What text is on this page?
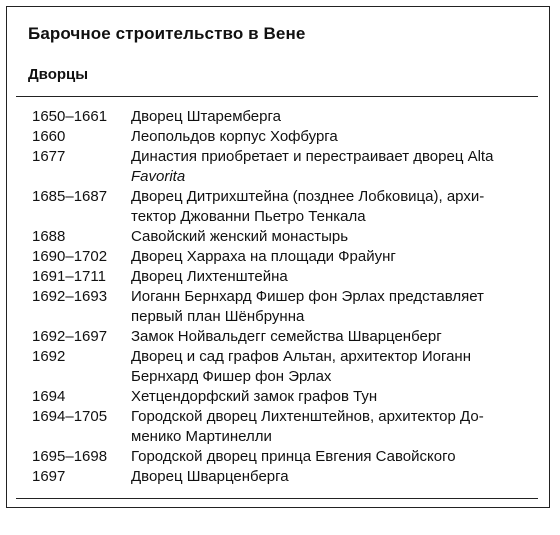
Барочное строительство в Вене
Дворцы
1650–1661	Дворец Штаремберга
1660	Леопольдов корпус Хофбурга
1677	Династия приобретает и перестраивает дворец Alta
Favorita
1685–1687	Дворец Дитрихштейна (позднее Лобковица), архи-
тектор Джованни Пьетро Тенкала
1688	Савойский женский монастырь
1690–1702	Дворец Харраха на площади Фрайунг
1691–1711	Дворец Лихтенштейна
1692–1693	Иоганн Бернхард Фишер фон Эрлах представляет
первый план Шёнбрунна
1692–1697	Замок Нойвальдегг семейства Шварценберг
1692	Дворец и сад графов Альтан, архитектор Иоганн
Бернхард Фишер фон Эрлах
1694	Хетцендорфский замок графов Тун
1694–1705	Городской дворец Лихтенштейнов, архитектор До-
менико Мартинелли
1695–1698	Городской дворец принца Евгения Савойского
1697	Дворец Шварценберга
